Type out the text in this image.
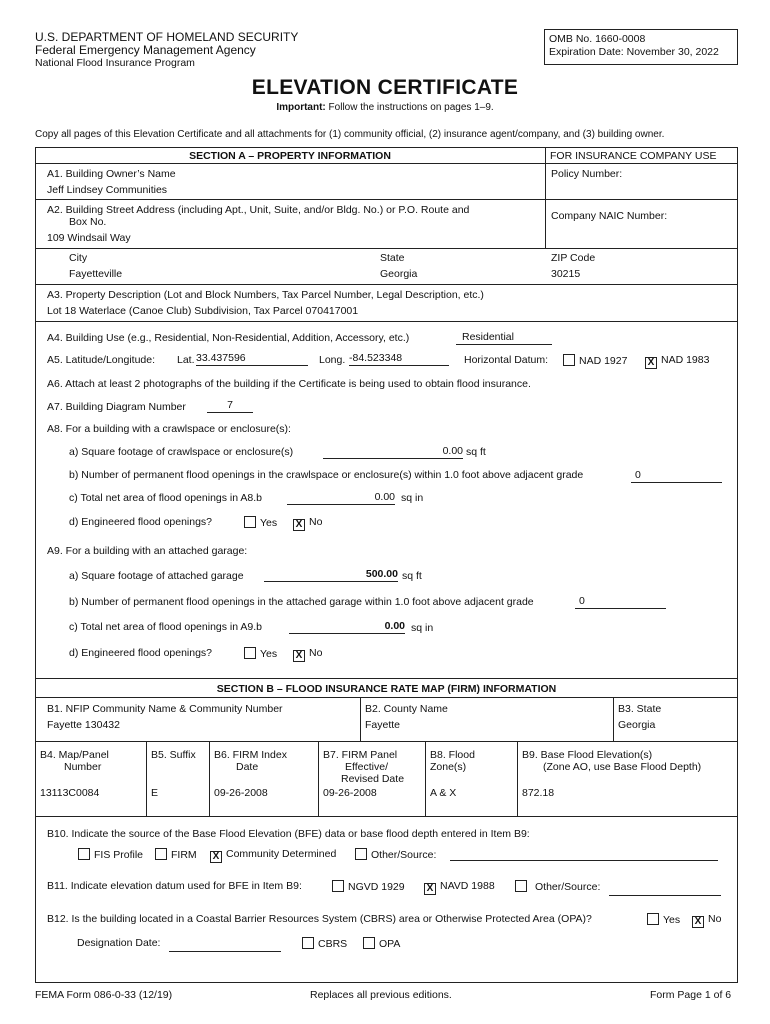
U.S. DEPARTMENT OF HOMELAND SECURITY
Federal Emergency Management Agency
National Flood Insurance Program
OMB No. 1660-0008
Expiration Date: November 30, 2022
ELEVATION CERTIFICATE
Important: Follow the instructions on pages 1–9.
Copy all pages of this Elevation Certificate and all attachments for (1) community official, (2) insurance agent/company, and (3) building owner.
SECTION A – PROPERTY INFORMATION	FOR INSURANCE COMPANY USE
A1. Building Owner’s Name
Jeff Lindsey Communities
Policy Number:
A2. Building Street Address (including Apt., Unit, Suite, and/or Bldg. No.) or P.O. Route and
Box No.
109 Windsail Way
Company NAIC Number:
City
Fayetteville
State
Georgia
ZIP Code
30215
A3. Property Description (Lot and Block Numbers, Tax Parcel Number, Legal Description, etc.)
Lot 18 Waterlace (Canoe Club) Subdivision, Tax Parcel 070417001
A4. Building Use (e.g., Residential, Non-Residential, Addition, Accessory, etc.)	Residential
A5. Latitude/Longitude: Lat. 33.437596	Long. -84.523348	Horizontal Datum:	NAD 1927 X NAD 1983
A6. Attach at least 2 photographs of the building if the Certificate is being used to obtain flood insurance.
A7. Building Diagram Number	7
A8. For a building with a crawlspace or enclosure(s):
a) Square footage of crawlspace or enclosure(s)	0.00 sq ft
b) Number of permanent flood openings in the crawlspace or enclosure(s) within 1.0 foot above adjacent grade	0
c) Total net area of flood openings in A8.b	0.00 sq in
d) Engineered flood openings?	Yes X No
A9. For a building with an attached garage:
a) Square footage of attached garage	500.00 sq ft
b) Number of permanent flood openings in the attached garage within 1.0 foot above adjacent grade	0
c) Total net area of flood openings in A9.b	0.00 sq in
d) Engineered flood openings?	Yes X No
SECTION B – FLOOD INSURANCE RATE MAP (FIRM) INFORMATION
B1. NFIP Community Name & Community Number
Fayette 130432
B2. County Name
Fayette
B3. State
Georgia
B4. Map/Panel
Number
13113C0084
B5. Suffix
E
B6. FIRM Index
Date
09-26-2008
B7. FIRM Panel
Effective/
Revised Date
09-26-2008
B8. Flood
Zone(s)
A & X
B9. Base Flood Elevation(s)
(Zone AO, use Base Flood Depth)
872.18
B10. Indicate the source of the Base Flood Elevation (BFE) data or base flood depth entered in Item B9:
FIS Profile	FIRM X Community Determined	Other/Source:
B11. Indicate elevation datum used for BFE in Item B9:	NGVD 1929 X NAVD 1988	Other/Source:
B12. Is the building located in a Coastal Barrier Resources System (CBRS) area or Otherwise Protected Area (OPA)?	Yes X No
Designation Date:	CBRS	OPA
FEMA Form 086-0-33 (12/19)	Replaces all previous editions.	Form Page 1 of 6
